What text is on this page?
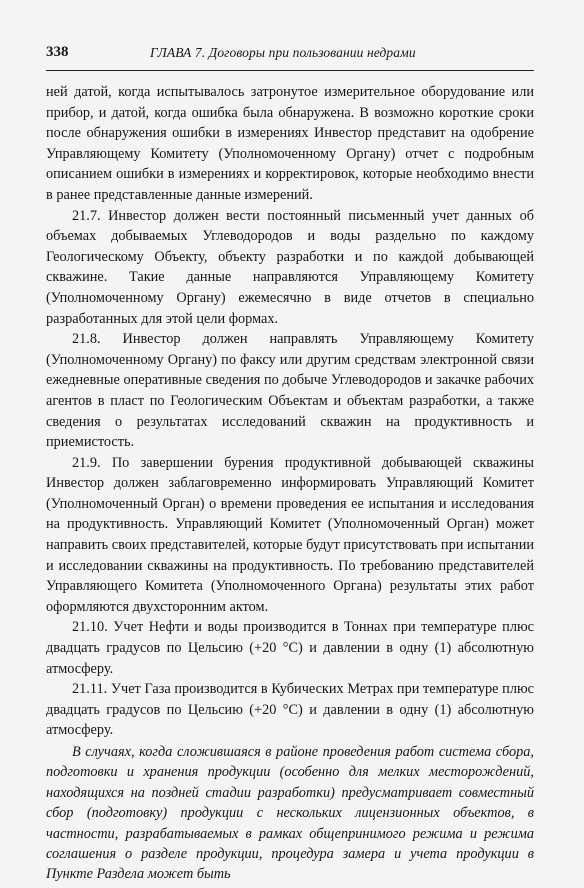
338	ГЛАВА 7. Договоры при пользовании недрами

ней датой, когда испытывалось затронутое измерительное оборудование или прибор, и датой, когда ошибка была обнаружена. В возможно короткие сроки после обнаружения ошибки в измерениях Инвестор представит на одобрение Управляющему Комитету (Уполномоченному Органу) отчет с подробным описанием ошибки в измерениях и корректировок, которые необходимо внести в ранее представленные данные измерений.

21.7. Инвестор должен вести постоянный письменный учет данных об объемах добываемых Углеводородов и воды раздельно по каждому Геологическому Объекту, объекту разработки и по каждой добывающей скважине. Такие данные направляются Управляющему Комитету (Уполномоченному Органу) ежемесячно в виде отчетов в специально разработанных для этой цели формах.

21.8. Инвестор должен направлять Управляющему Комитету (Уполномоченному Органу) по факсу или другим средствам электронной связи ежедневные оперативные сведения по добыче Углеводородов и закачке рабочих агентов в пласт по Геологическим Объектам и объектам разработки, а также сведения о результатах исследований скважин на продуктивность и приемистость.

21.9. По завершении бурения продуктивной добывающей скважины Инвестор должен заблаговременно информировать Управляющий Комитет (Уполномоченный Орган) о времени проведения ее испытания и исследования на продуктивность. Управляющий Комитет (Уполномоченный Орган) может направить своих представителей, которые будут присутствовать при испытании и исследовании скважины на продуктивность. По требованию представителей Управляющего Комитета (Уполномоченного Органа) результаты этих работ оформляются двухсторонним актом.

21.10. Учет Нефти и воды производится в Тоннах при температуре плюс двадцать градусов по Цельсию (+20 °С) и давлении в одну (1) абсолютную атмосферу.

21.11. Учет Газа производится в Кубических Метрах при температуре плюс двадцать градусов по Цельсию (+20 °С) и давлении в одну (1) абсолютную атмосферу.

В случаях, когда сложившаяся в районе проведения работ система сбора, подготовки и хранения продукции (особенно для мелких месторождений, находящихся на поздней стадии разработки) предусматривает совместный сбор (подготовку) продукции с нескольких лицензионных объектов, в частности, разрабатываемых в рамках общепринимого режима и режима соглашения о разделе продукции, процедура замера и учета продукции в Пункте Раздела может быть
